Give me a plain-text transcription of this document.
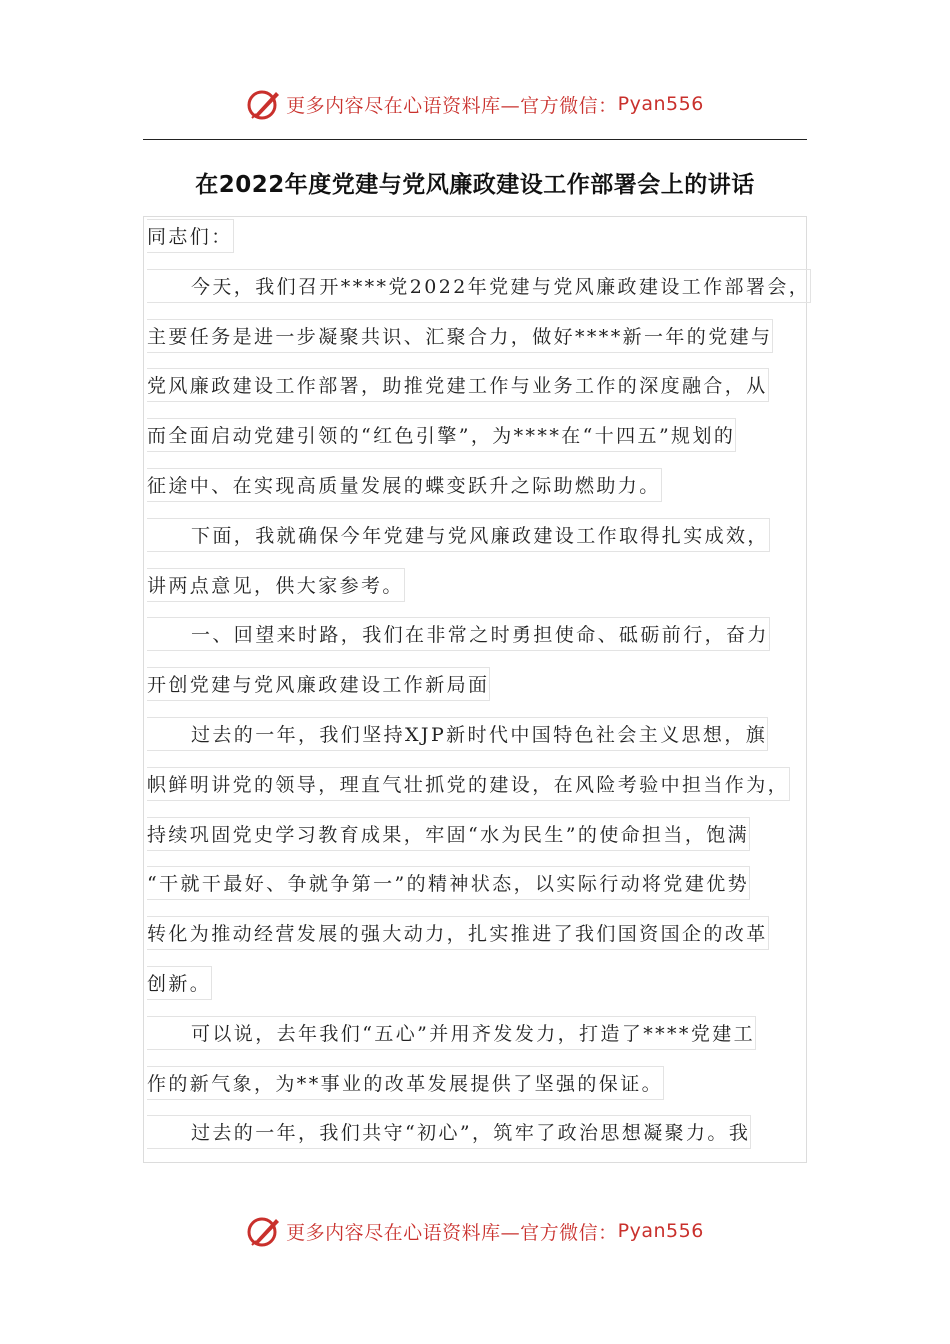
更多内容尽在心语资料库—官方微信： Pyan556
在2022年度党建与党风廉政建设工作部署会上的讲话
同志们：
今天，我们召开****党2022年党建与党风廉政建设工作部署会，
主要任务是进一步凝聚共识、汇聚合力，做好****新一年的党建与
党风廉政建设工作部署，助推党建工作与业务工作的深度融合，从
而全面启动党建引领的“红色引擎”，为****在“十四五”规划的
征途中、在实现高质量发展的蝶变跃升之际助燃助力。
下面，我就确保今年党建与党风廉政建设工作取得扎实成效，
讲两点意见，供大家参考。
一、回望来时路，我们在非常之时勇担使命、砥砺前行，奋力
开创党建与党风廉政建设工作新局面
过去的一年，我们坚持XJP新时代中国特色社会主义思想，旗
帜鲜明讲党的领导，理直气壮抓党的建设，在风险考验中担当作为，
持续巩固党史学习教育成果，牢固“水为民生”的使命担当，饱满
“干就干最好、争就争第一”的精神状态，以实际行动将党建优势
转化为推动经营发展的强大动力，扎实推进了我们国资国企的改革
创新。
可以说，去年我们“五心”并用齐发发力，打造了****党建工
作的新气象，为**事业的改革发展提供了坚强的保证。
过去的一年，我们共守“初心”，筑牢了政治思想凝聚力。我
更多内容尽在心语资料库—官方微信： Pyan556
